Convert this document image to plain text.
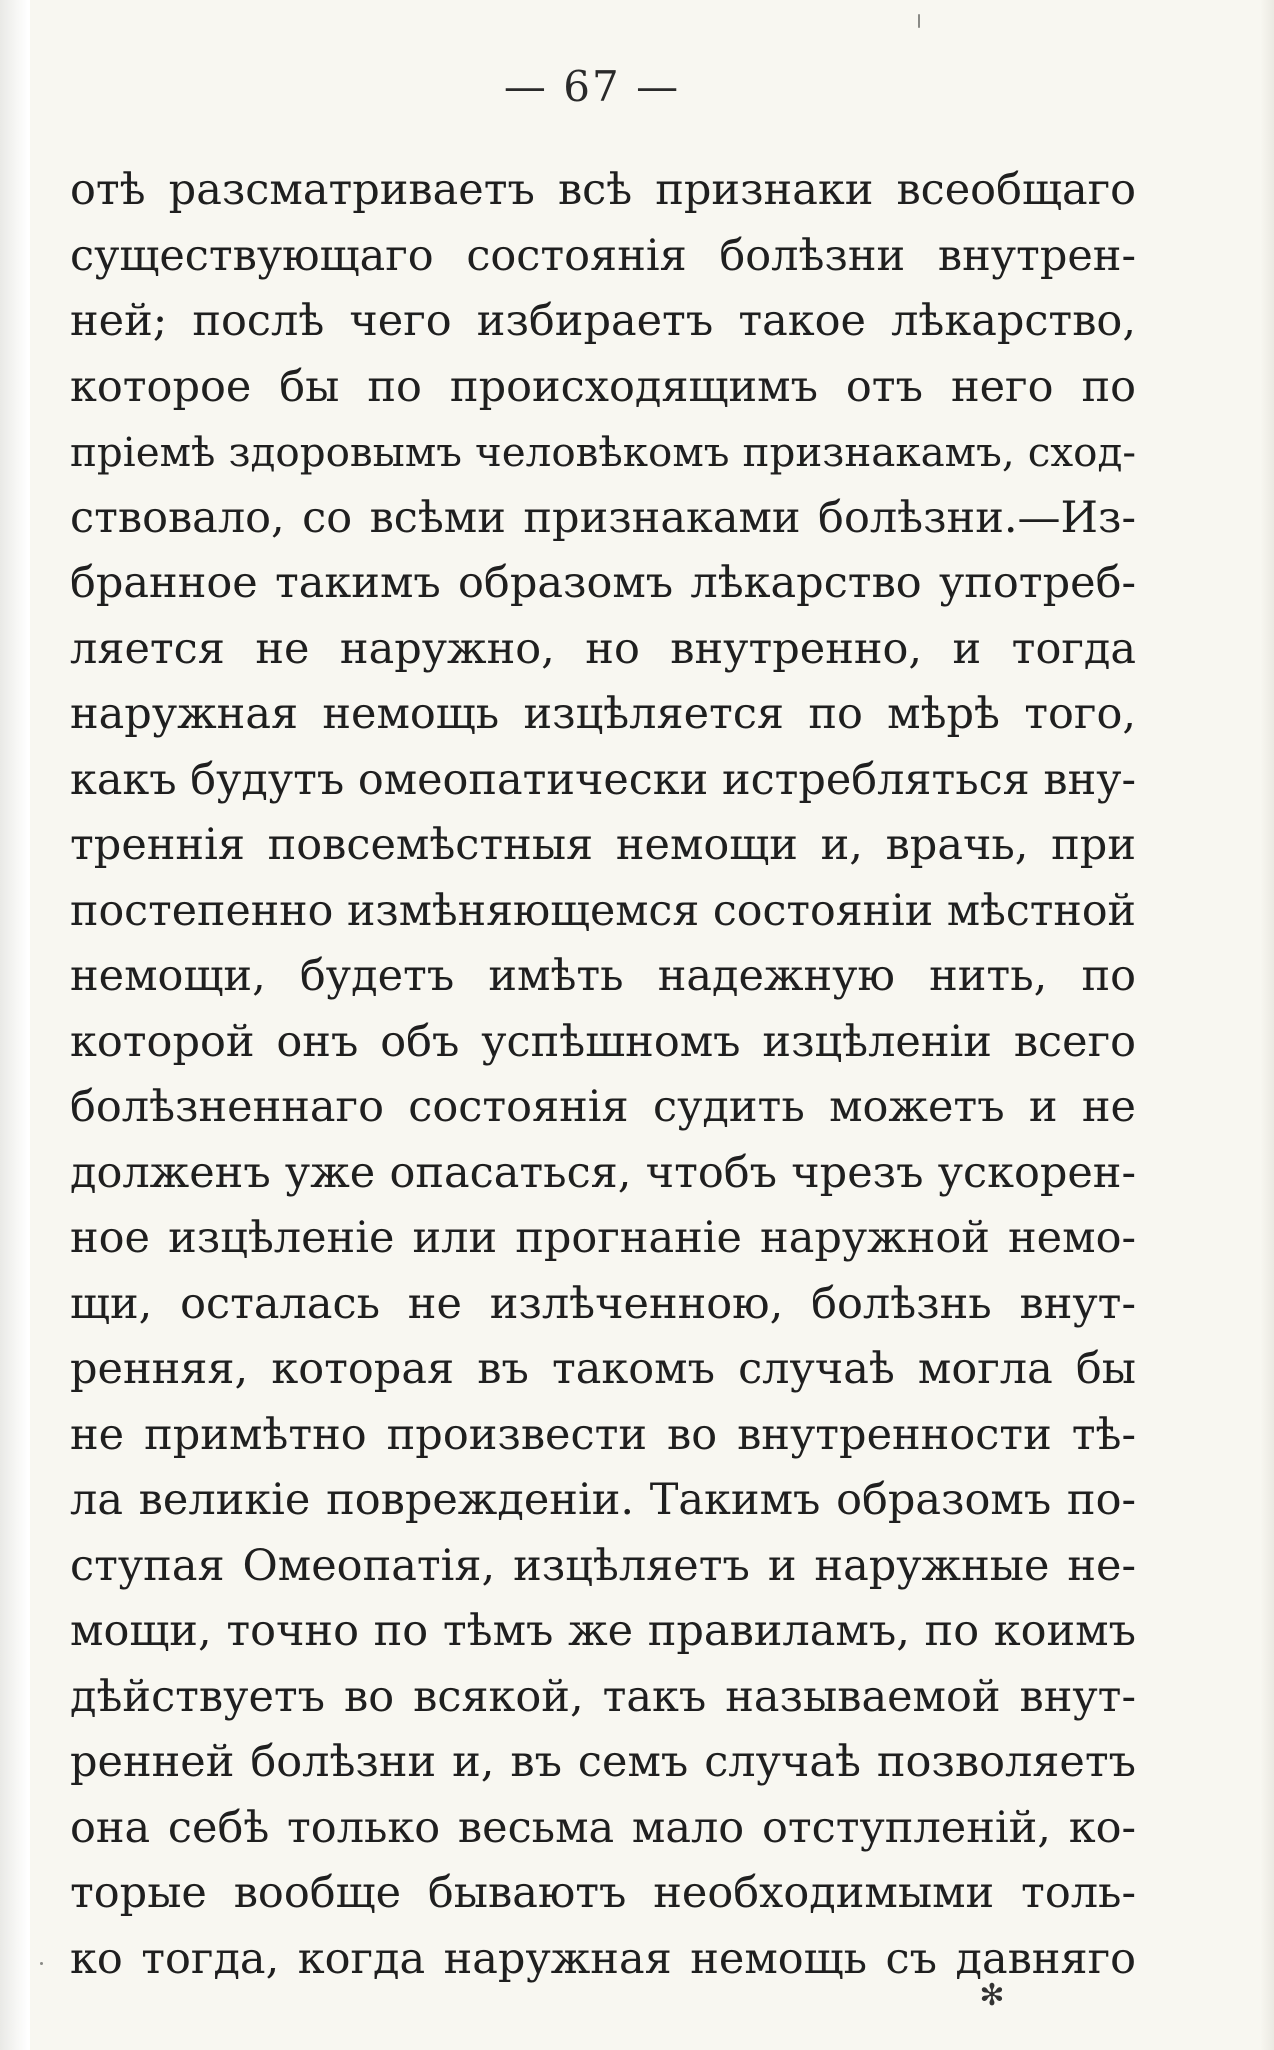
— 67 —
отѣ разсматриваетъ всѣ признаки всеобщаго
существующаго состоянія болѣзни внутрен-
ней; послѣ чего избираетъ такое лѣкарство,
которое бы по происходящимъ отъ него по
пріемѣ здоровымъ человѣкомъ признакамъ, сход-
ствовало, со всѣми признаками болѣзни.—Из-
бранное такимъ образомъ лѣкарство употреб-
ляется не наружно, но внутренно, и тогда
наружная немощь изцѣляется по мѣрѣ того,
какъ будутъ омеопатически истребляться вну-
треннія повсемѣстныя немощи и, врачь, при
постепенно измѣняющемся состояніи мѣстной
немощи, будетъ имѣть надежную нить, по
которой онъ объ успѣшномъ изцѣленіи всего
болѣзненнаго состоянія судить можетъ и не
долженъ уже опасаться, чтобъ чрезъ ускорен-
ное изцѣленіе или прогнаніе наружной немо-
щи, осталась не излѣченною, болѣзнь внут-
ренняя, которая въ такомъ случаѣ могла бы
не примѣтно произвести во внутренности тѣ-
ла великіе поврежденіи. Такимъ образомъ по-
ступая Омеопатія, изцѣляетъ и наружные не-
мощи, точно по тѣмъ же правиламъ, по коимъ
дѣйствуетъ во всякой, такъ называемой внут-
ренней болѣзни и, въ семъ случаѣ позволяетъ
она себѣ только весьма мало отступленій, ко-
торые вообще бываютъ необходимыми толь-
ко тогда, когда наружная немощь съ давняго
✻
